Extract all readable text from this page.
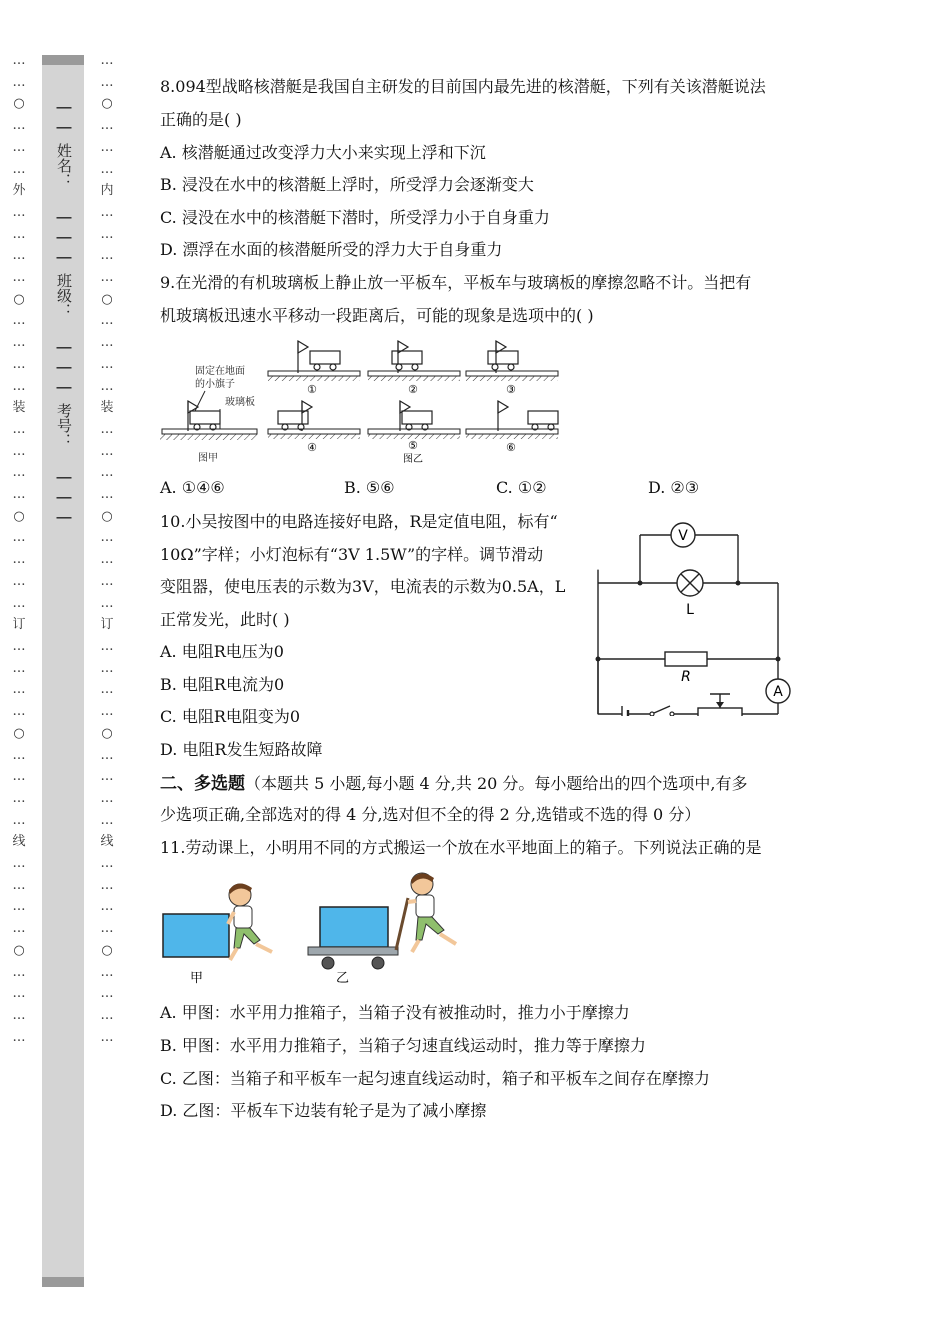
…
…
○
…
…
…
外
…
…
…
…
○
…
…
…
…
装
…
…
…
…
○
…
…
…
…
订
…
…
…
…
○
…
…
…
…
线
…
…
…
…
○
…
…
…
…
__
__
姓名：
__
__
__
班级：
__
__
__
考号：
__
__
__
…
…
○
…
…
…
内
…
…
…
…
○
…
…
…
…
装
…
…
…
…
○
…
…
…
…
订
…
…
…
…
○
…
…
…
…
线
…
…
…
…
○
…
…
…
…
8.094型战略核潜艇是我国自主研发的目前国内最先进的核潜艇，下列有关该潜艇说法
正确的是( )
A. 核潜艇通过改变浮力大小来实现上浮和下沉
B. 浸没在水中的核潜艇上浮时，所受浮力会逐渐变大
C. 浸没在水中的核潜艇下潜时，所受浮力小于自身重力
D. 漂浮在水面的核潜艇所受的浮力大于自身重力
9.在光滑的有机玻璃板上静止放一平板车，平板车与玻璃板的摩擦忽略不计。当把有
机玻璃板迅速水平移动一段距离后，可能的现象是选项中的( )
固定在地面
的小旗子
玻璃板
图甲
①	②	③
④	⑤
图乙
⑥
A. ①④⑥	B. ⑤⑥	C. ①②	D. ②③
10.小吴按图中的电路连接好电路，R是定值电阻，标有“
10Ω”字样；小灯泡标有“3V 1.5W”的字样。调节滑动
变阻器，使电压表的示数为3V，电流表的示数为0.5A，L
正常发光，此时( )
A. 电阻R电压为0
B. 电阻R电流为0
C. 电阻R电阻变为0
D. 电阻R发生短路故障
V
L
R
A
二、多选题（本题共 5 小题,每小题 4 分,共 20 分。每小题给出的四个选项中,有多
少选项正确,全部选对的得 4 分,选对但不全的得 2 分,选错或不选的得 0 分）
11.劳动课上，小明用不同的方式搬运一个放在水平地面上的箱子。下列说法正确的是
甲	乙
A. 甲图：水平用力推箱子，当箱子没有被推动时，推力小于摩擦力
B. 甲图：水平用力推箱子，当箱子匀速直线运动时，推力等于摩擦力
C. 乙图：当箱子和平板车一起匀速直线运动时，箱子和平板车之间存在摩擦力
D. 乙图：平板车下边装有轮子是为了减小摩擦
